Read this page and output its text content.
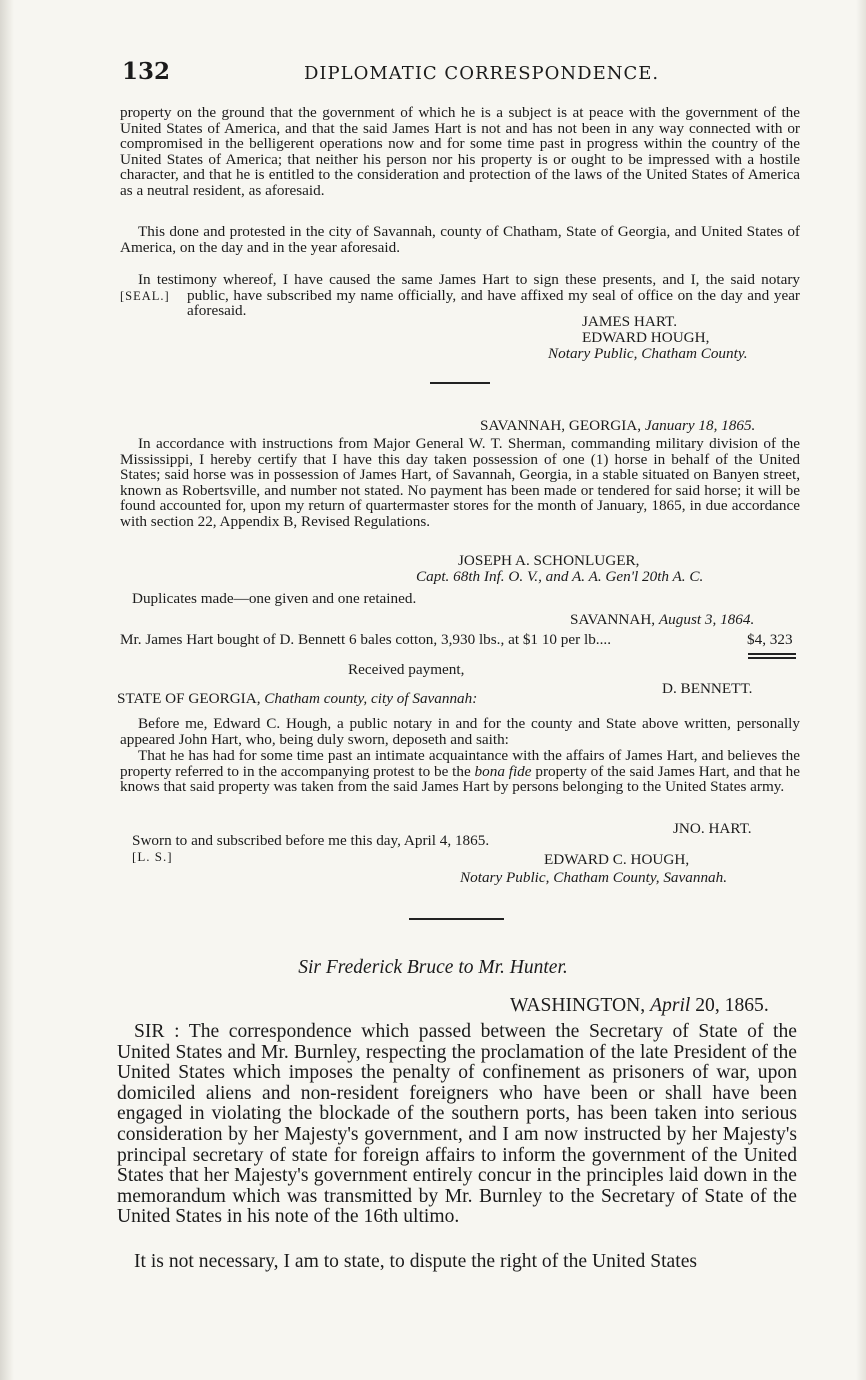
132	DIPLOMATIC CORRESPONDENCE.

property on the ground that the government of which he is a subject is at peace with the government of the United States of America, and that the said James Hart is not and has not been in any way connected with or compromised in the belligerent operations now and for some time past in progress within the country of the United States of America; that neither his person nor his property is or ought to be impressed with a hostile character, and that he is entitled to the consideration and protection of the laws of the United States of America as a neutral resident, as aforesaid.

This done and protested in the city of Savannah, county of Chatham, State of Georgia, and United States of America, on the day and in the year aforesaid.

In testimony whereof, I have caused the same James Hart to sign these presents, and I, the said notary public, have subscribed my name officially, and have affixed my seal of office on the day and year aforesaid.

[SEAL.]
JAMES HART.
EDWARD HOUGH,
Notary Public, Chatham County.
SAVANNAH, GEORGIA, January 18, 1865.

In accordance with instructions from Major General W. T. Sherman, commanding military division of the Mississippi, I hereby certify that I have this day taken possession of one (1) horse in behalf of the United States; said horse was in possession of James Hart, of Savannah, Georgia, in a stable situated on Banyen street, known as Robertsville, and number not stated. No payment has been made or tendered for said horse; it will be found accounted for, upon my return of quartermaster stores for the month of January, 1865, in due accordance with section 22, Appendix B, Revised Regulations.

JOSEPH A. SCHONLUGER,
Capt. 68th Inf. O. V., and A. A. Gen'l 20th A. C.
Duplicates made—one given and one retained.
SAVANNAH, August 3, 1864.
Mr. James Hart bought of D. Bennett 6 bales cotton, 3,930 lbs., at $1 10 per lb....	$4, 323
Received payment,
D. BENNETT.
STATE OF GEORGIA, Chatham county, city of Savannah:

Before me, Edward C. Hough, a public notary in and for the county and State above written, personally appeared John Hart, who, being duly sworn, deposeth and saith:

That he has had for some time past an intimate acquaintance with the affairs of James Hart, and believes the property referred to in the accompanying protest to be the bona fide property of the said James Hart, and that he knows that said property was taken from the said James Hart by persons belonging to the United States army.

JNO. HART.
Sworn to and subscribed before me this day, April 4, 1865.
[L. S.]	EDWARD C. HOUGH,
Notary Public, Chatham County, Savannah.
Sir Frederick Bruce to Mr. Hunter.
WASHINGTON, April 20, 1865.

SIR : The correspondence which passed between the Secretary of State of the United States and Mr. Burnley, respecting the proclamation of the late President of the United States which imposes the penalty of confinement as prisoners of war, upon domiciled aliens and non-resident foreigners who have been or shall have been engaged in violating the blockade of the southern ports, has been taken into serious consideration by her Majesty's government, and I am now instructed by her Majesty's principal secretary of state for foreign affairs to inform the government of the United States that her Majesty's government entirely concur in the principles laid down in the memorandum which was transmitted by Mr. Burnley to the Secretary of State of the United States in his note of the 16th ultimo.

It is not necessary, I am to state, to dispute the right of the United States
